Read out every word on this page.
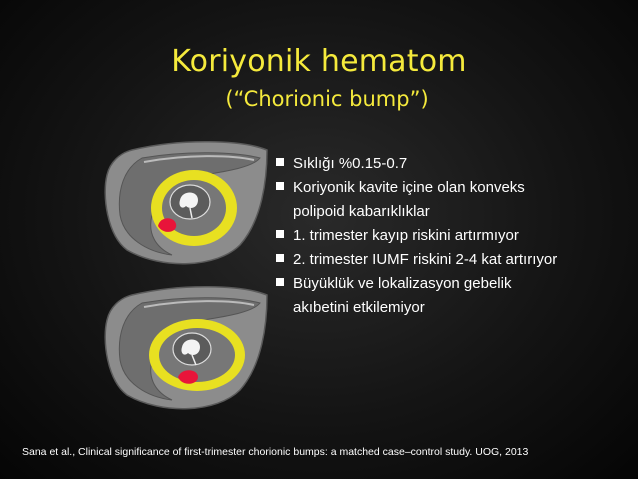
Koriyonik hematom
(“Chorionic bump”)
Sıklığı %0.15-0.7
Koriyonik kavite içine olan konveks
polipoid kabarıklıklar
1. trimester kayıp riskini artırmıyor
2. trimester IUMF riskini 2-4 kat artırıyor
Büyüklük ve lokalizasyon gebelik
akıbetini etkilemiyor
Sana et al., Clinical significance of first-trimester chorionic bumps: a matched case–control study. UOG, 2013
